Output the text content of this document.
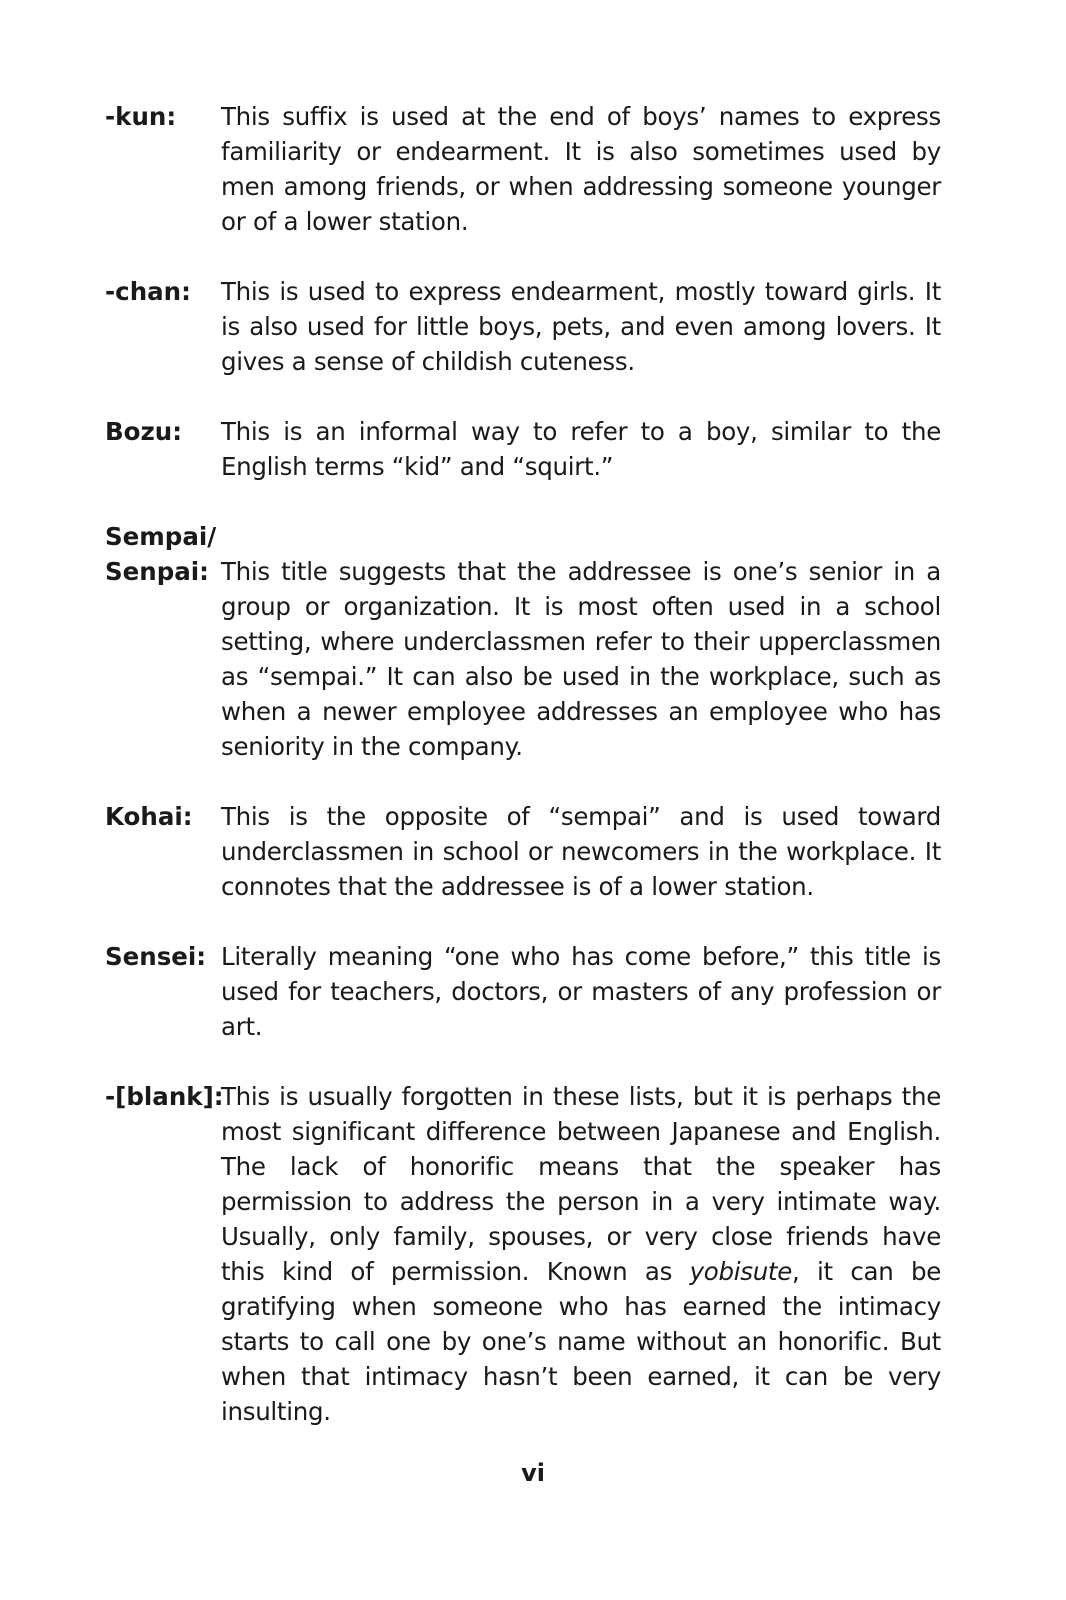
-kun:	This suffix is used at the end of boys’ names to express familiarity or endearment. It is also sometimes used by men among friends, or when addressing someone younger or of a lower station.
-chan:	This is used to express endearment, mostly toward girls. It is also used for little boys, pets, and even among lovers. It gives a sense of childish cuteness.
Bozu:	This is an informal way to refer to a boy, similar to the English terms “kid” and “squirt.”
Sempai/
Senpai: This title suggests that the addressee is one’s senior in a group or organization. It is most often used in a school setting, where underclassmen refer to their upperclassmen as “sempai.” It can also be used in the workplace, such as when a newer employee addresses an employee who has seniority in the company.
Kohai:	This is the opposite of “sempai” and is used toward underclassmen in school or newcomers in the workplace. It connotes that the addressee is of a lower station.
Sensei: Literally meaning “one who has come before,” this title is used for teachers, doctors, or masters of any profession or art.
-[blank]:
This is usually forgotten in these lists, but it is perhaps the most significant difference between Japanese and English. The lack of honorific means that the speaker has permission to address the person in a very intimate way. Usually, only family, spouses, or very close friends have this kind of permission. Known as yobisute, it can be gratifying when someone who has earned the intimacy starts to call one by one’s name without an honorific. But when that intimacy hasn’t been earned, it can be very insulting.
vi
